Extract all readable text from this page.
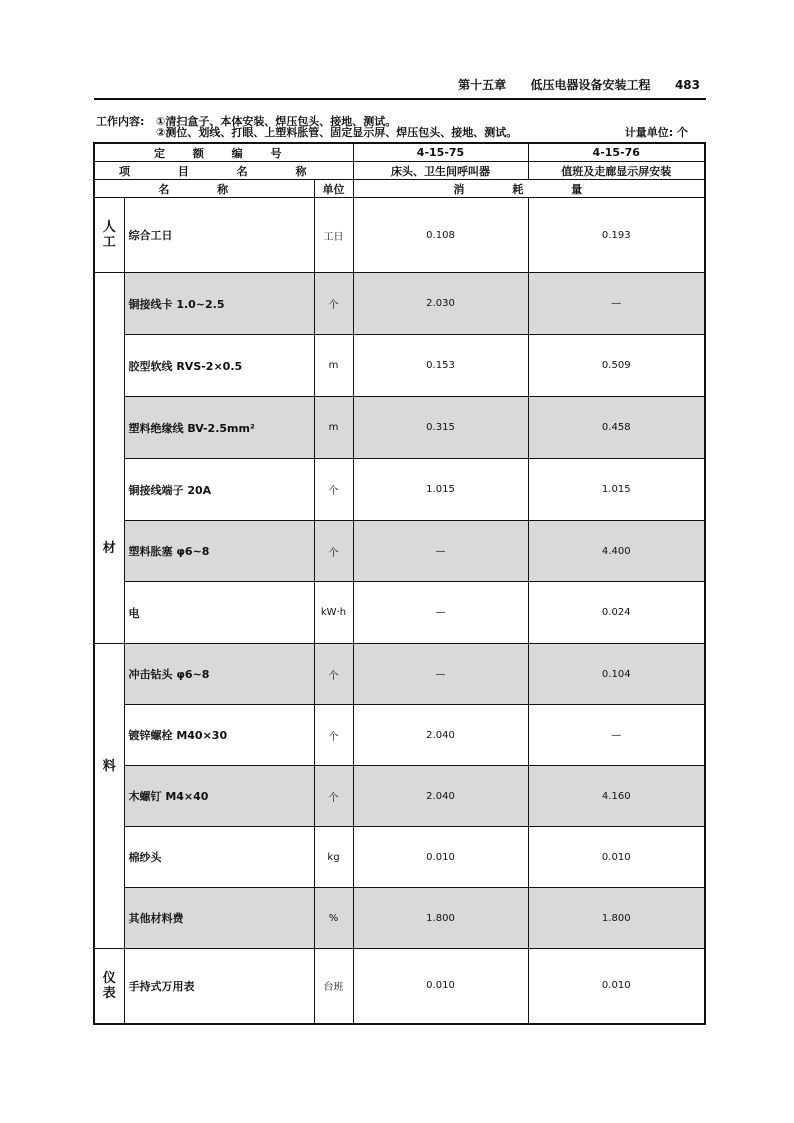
第十五章 低压电器设备安装工程 483
工作内容: ①清扫盒子、本体安装、焊压包头、接地、测试。
②测位、划线、打眼、上塑料胀管、固定显示屏、焊压包头、接地、测试。	计量单位: 个
定 额 编 号			4-15-75	4-15-76
项 目 名 称			床头、卫生间呼叫器	值班及走廊显示屏安装
名 称		单位	消 耗 量	

人
工	综合工日	工日	0.108	0.193
材	铜接线卡 1.0~2.5	个	2.030	—
	胶型软线 RVS-2×0.5	m	0.153	0.509
	塑料绝缘线 BV-2.5mm²	m	0.315	0.458
	铜接线端子 20A	个	1.015	1.015
	塑料胀塞 φ6~8	个	—	4.400
	电	kW·h	—	0.024
料	冲击钻头 φ6~8	个	—	0.104
	镀锌螺栓 M40×30	个	2.040	—
	木螺钉 M4×40	个	2.040	4.160
	棉纱头	kg	0.010	0.010
	其他材料费	%	1.800	1.800

仪
表	手持式万用表	台班	0.010	0.010
